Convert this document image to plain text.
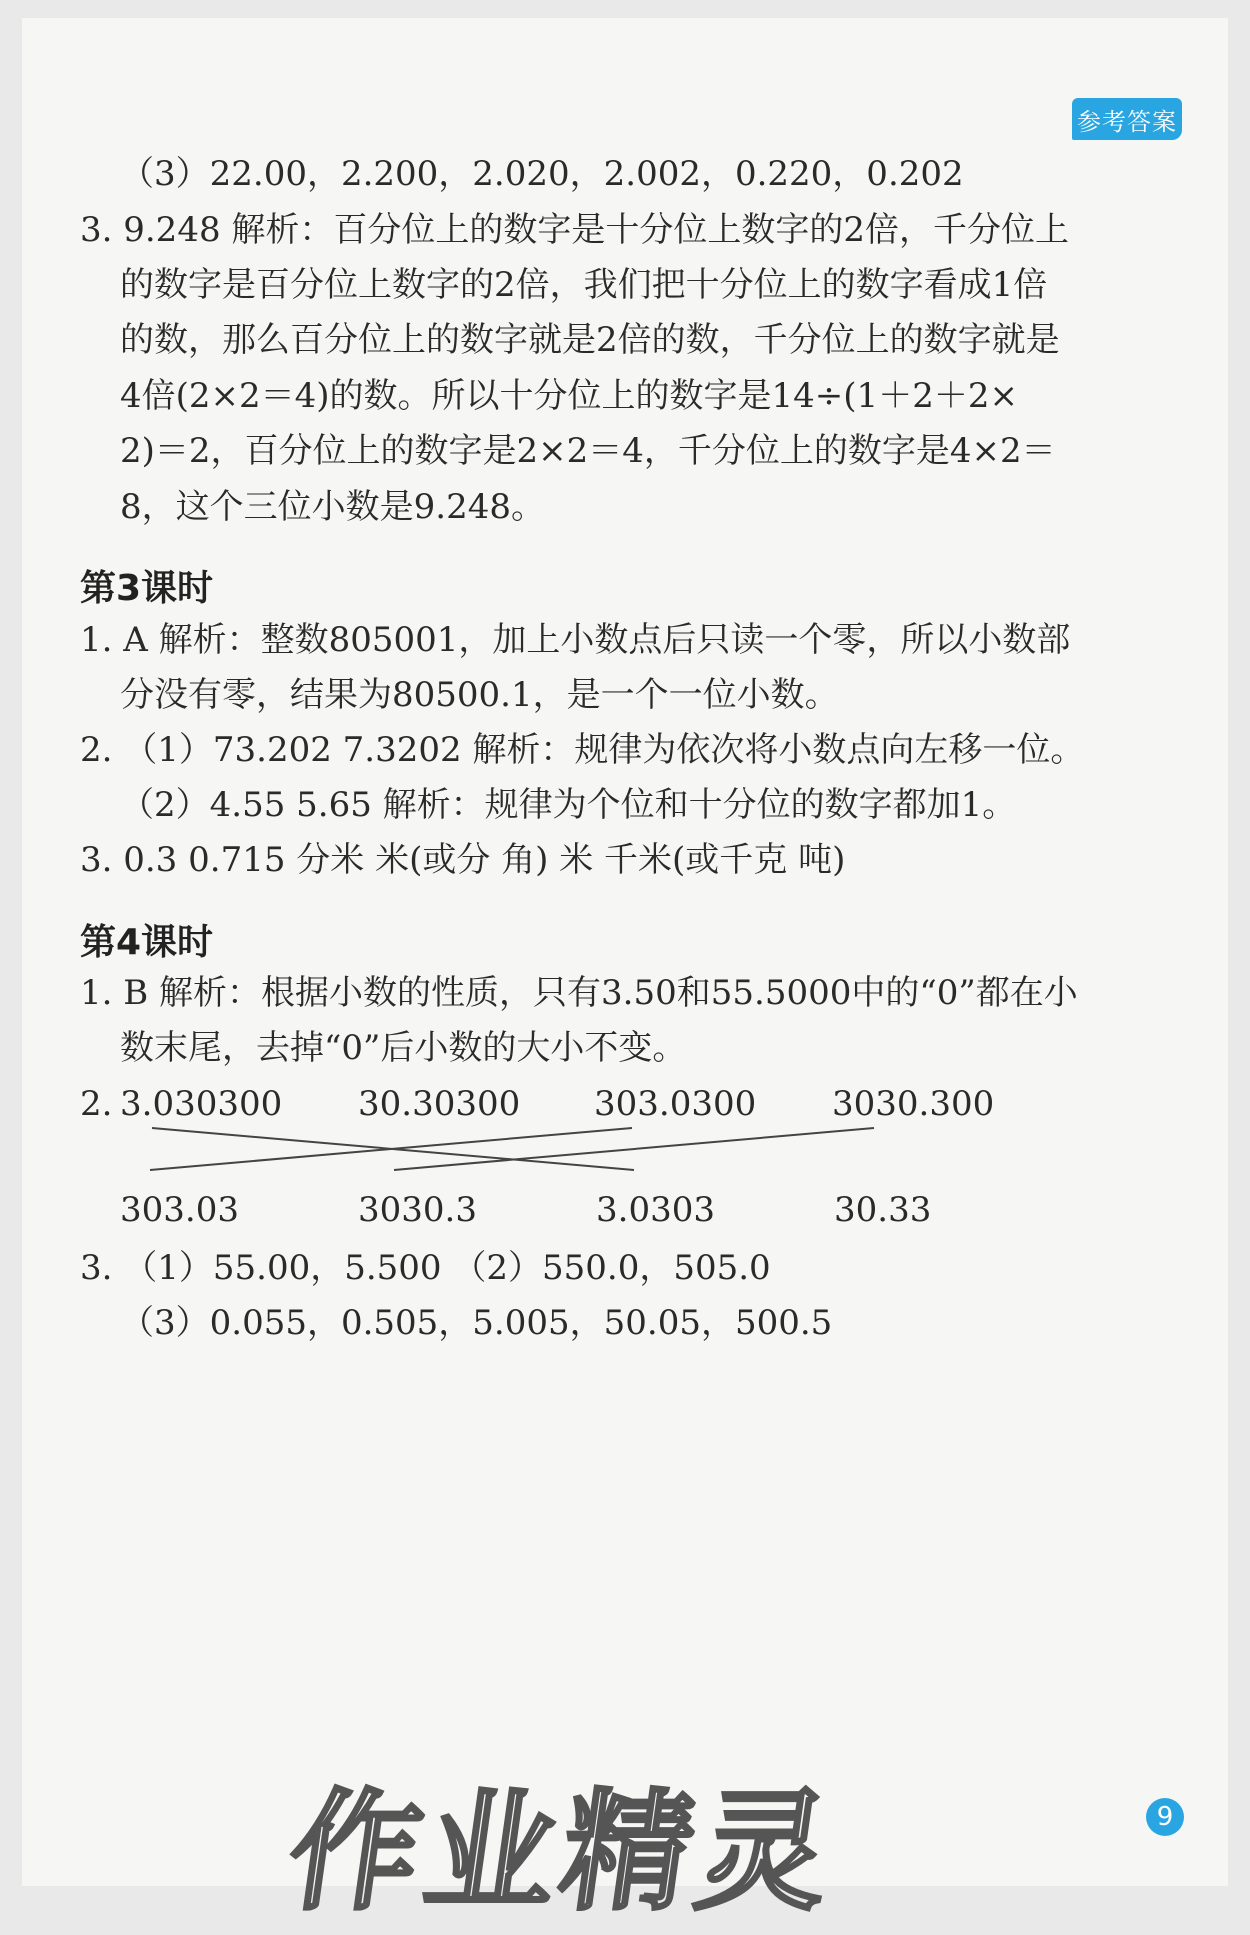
参考答案
（3）22.00，2.200，2.020，2.002，0.220，0.202
3. 9.248 解析：百分位上的数字是十分位上数字的2倍，千分位上
的数字是百分位上数字的2倍，我们把十分位上的数字看成1倍
的数，那么百分位上的数字就是2倍的数，千分位上的数字就是
4倍(2×2＝4)的数。所以十分位上的数字是14÷(1＋2＋2×
2)＝2，百分位上的数字是2×2＝4，千分位上的数字是4×2＝
8，这个三位小数是9.248。
第3课时
1. A 解析：整数805001，加上小数点后只读一个零，所以小数部
分没有零，结果为80500.1，是一个一位小数。
2. （1）73.202 7.3202 解析：规律为依次将小数点向左移一位。
（2）4.55 5.65 解析：规律为个位和十分位的数字都加1。
3. 0.3 0.715 分米 米(或分 角) 米 千米(或千克 吨)
第4课时
1. B 解析：根据小数的性质，只有3.50和55.5000中的“0”都在小
数末尾，去掉“0”后小数的大小不变。
2. 3.030300 30.30300 303.0300 3030.300
303.03	3030.3	3.0303	30.33
3. （1）55.00，5.500 （2）550.0，505.0
（3）0.055，0.505，5.005，50.05，500.5
9
作业精灵
